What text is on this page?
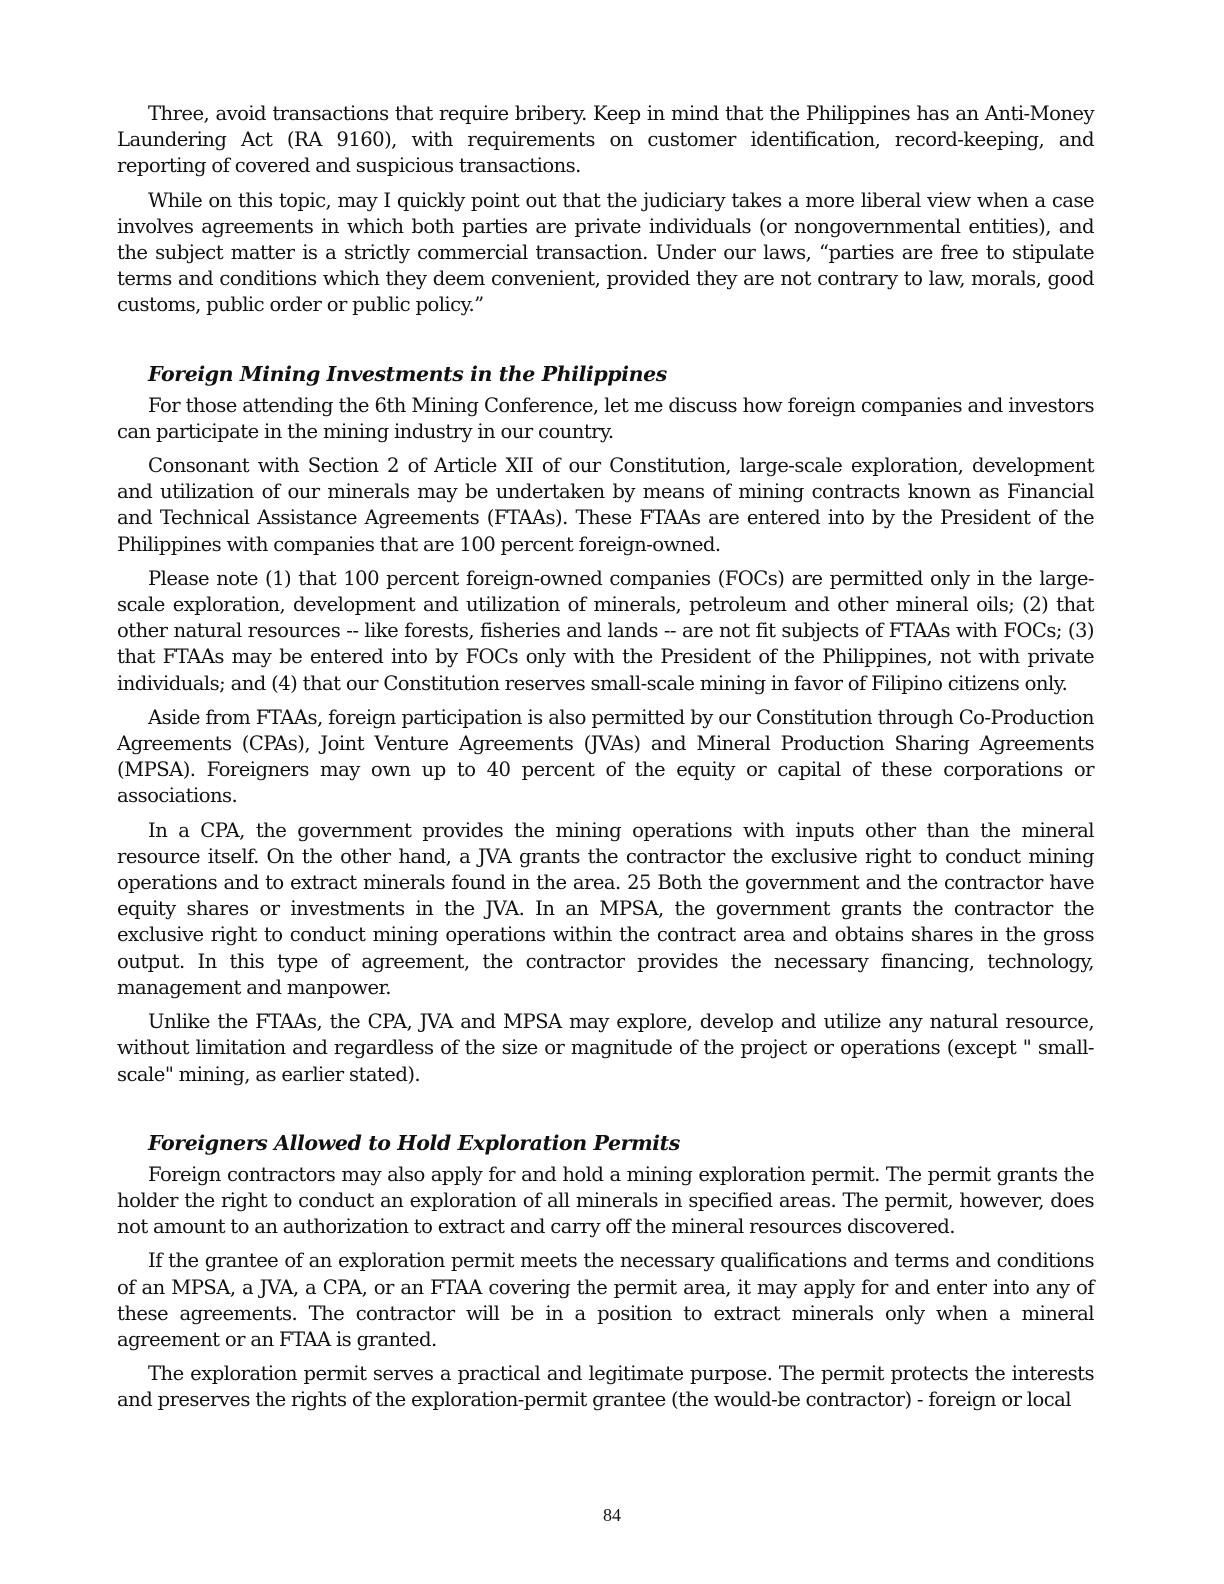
Three, avoid transactions that require bribery. Keep in mind that the Philippines has an Anti-Money Laundering Act (RA 9160), with requirements on customer identification, record-keeping, and reporting of covered and suspicious transactions.

While on this topic, may I quickly point out that the judiciary takes a more liberal view when a case involves agreements in which both parties are private individuals (or nongovernmental entities), and the subject matter is a strictly commercial transaction. Under our laws, “parties are free to stipulate terms and conditions which they deem convenient, provided they are not contrary to law, morals, good customs, public order or public policy.”

Foreign Mining Investments in the Philippines

For those attending the 6th Mining Conference, let me discuss how foreign companies and investors can participate in the mining industry in our country.

Consonant with Section 2 of Article XII of our Constitution, large-scale exploration, development and utilization of our minerals may be undertaken by means of mining contracts known as Financial and Technical Assistance Agreements (FTAAs). These FTAAs are entered into by the President of the Philippines with companies that are 100 percent foreign-owned.

Please note (1) that 100 percent foreign-owned companies (FOCs) are permitted only in the large-scale exploration, development and utilization of minerals, petroleum and other mineral oils; (2) that other natural resources -- like forests, fisheries and lands -- are not fit subjects of FTAAs with FOCs; (3) that FTAAs may be entered into by FOCs only with the President of the Philippines, not with private individuals; and (4) that our Constitution reserves small-scale mining in favor of Filipino citizens only.

Aside from FTAAs, foreign participation is also permitted by our Constitution through Co-Production Agreements (CPAs), Joint Venture Agreements (JVAs) and Mineral Production Sharing Agreements (MPSA). Foreigners may own up to 40 percent of the equity or capital of these corporations or associations.

In a CPA, the government provides the mining operations with inputs other than the mineral resource itself. On the other hand, a JVA grants the contractor the exclusive right to conduct mining operations and to extract minerals found in the area. 25 Both the government and the contractor have equity shares or investments in the JVA. In an MPSA, the government grants the contractor the exclusive right to conduct mining operations within the contract area and obtains shares in the gross output. In this type of agreement, the contractor provides the necessary financing, technology, management and manpower.

Unlike the FTAAs, the CPA, JVA and MPSA may explore, develop and utilize any natural resource, without limitation and regardless of the size or magnitude of the project or operations (except " small-scale" mining, as earlier stated).

Foreigners Allowed to Hold Exploration Permits

Foreign contractors may also apply for and hold a mining exploration permit. The permit grants the holder the right to conduct an exploration of all minerals in specified areas. The permit, however, does not amount to an authorization to extract and carry off the mineral resources discovered.

If the grantee of an exploration permit meets the necessary qualifications and terms and conditions of an MPSA, a JVA, a CPA, or an FTAA covering the permit area, it may apply for and enter into any of these agreements. The contractor will be in a position to extract minerals only when a mineral agreement or an FTAA is granted.

The exploration permit serves a practical and legitimate purpose. The permit protects the interests and preserves the rights of the exploration-permit grantee (the would-be contractor) - foreign or local

84
